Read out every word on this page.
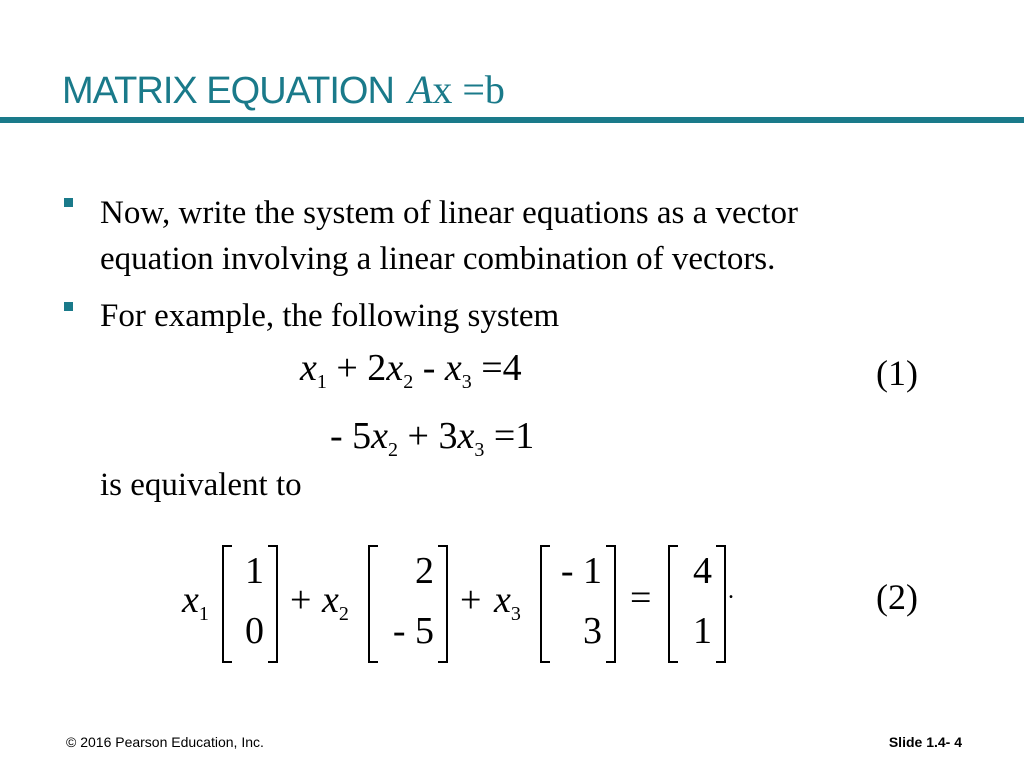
MATRIX EQUATION Ax =b
Now, write the system of linear equations as a vector
equation involving a linear combination of vectors.
For example, the following system
$x_1 + 2x_2 - x_3 =4$	(1)
- $5x_2 + 3x_3 =1$
is equivalent to
$x_1$
1
0
+ $x_2$
2
- 5
+ $x_3$
- 1
3
=
4
1
.	(2)
© 2016 Pearson Education, Inc.	Slide 1.4- 4
